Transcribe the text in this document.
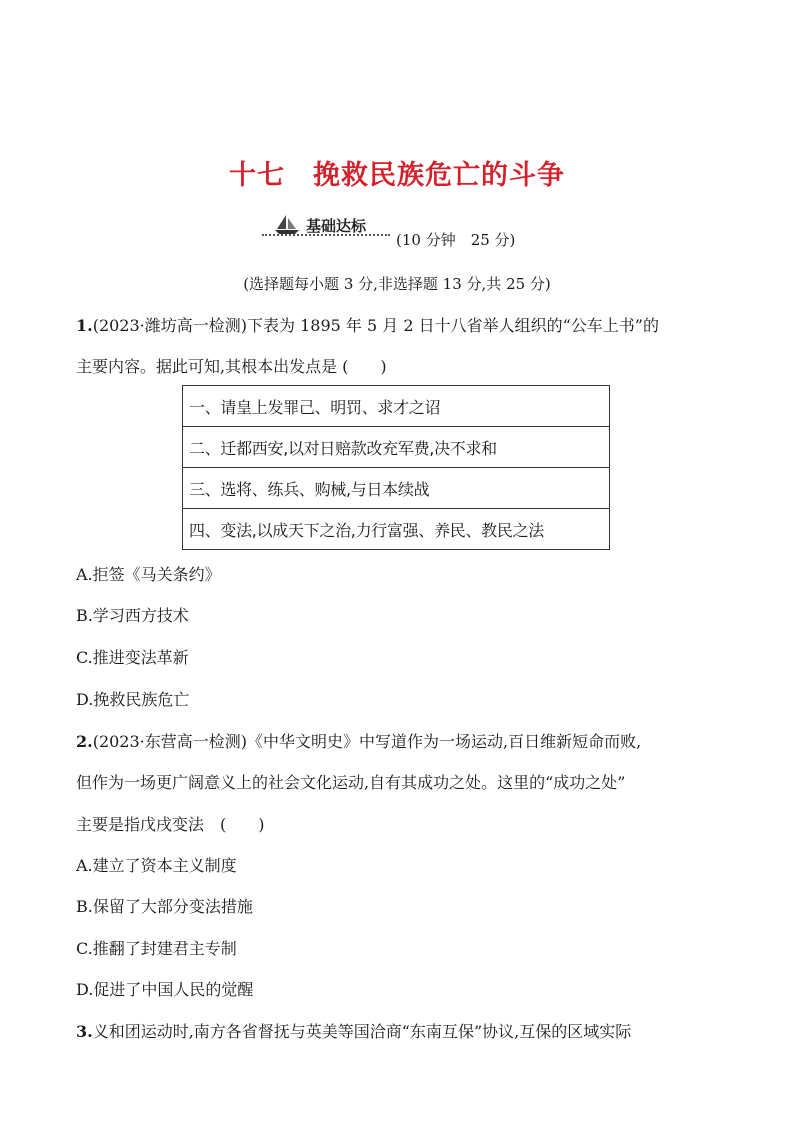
十七　挽救民族危亡的斗争
基础达标
(10 分钟　25 分)
(选择题每小题 3 分,非选择题 13 分,共 25 分)
1.(2023·潍坊高一检测)下表为 1895 年 5 月 2 日十八省举人组织的“公车上书”的
主要内容。据此可知,其根本出发点是 (　　)
一、请皇上发罪己、明罚、求才之诏
二、迁都西安,以对日赔款改充军费,决不求和
三、选将、练兵、购械,与日本续战
四、变法,以成天下之治,力行富强、养民、教民之法
A.拒签《马关条约》
B.学习西方技术
C.推进变法革新
D.挽救民族危亡
2.(2023·东营高一检测)《中华文明史》中写道作为一场运动,百日维新短命而败,
但作为一场更广阔意义上的社会文化运动,自有其成功之处。这里的“成功之处”
主要是指戊戌变法　(　　)
A.建立了资本主义制度
B.保留了大部分变法措施
C.推翻了封建君主专制
D.促进了中国人民的觉醒
3.义和团运动时,南方各省督抚与英美等国洽商“东南互保”协议,互保的区域实际
